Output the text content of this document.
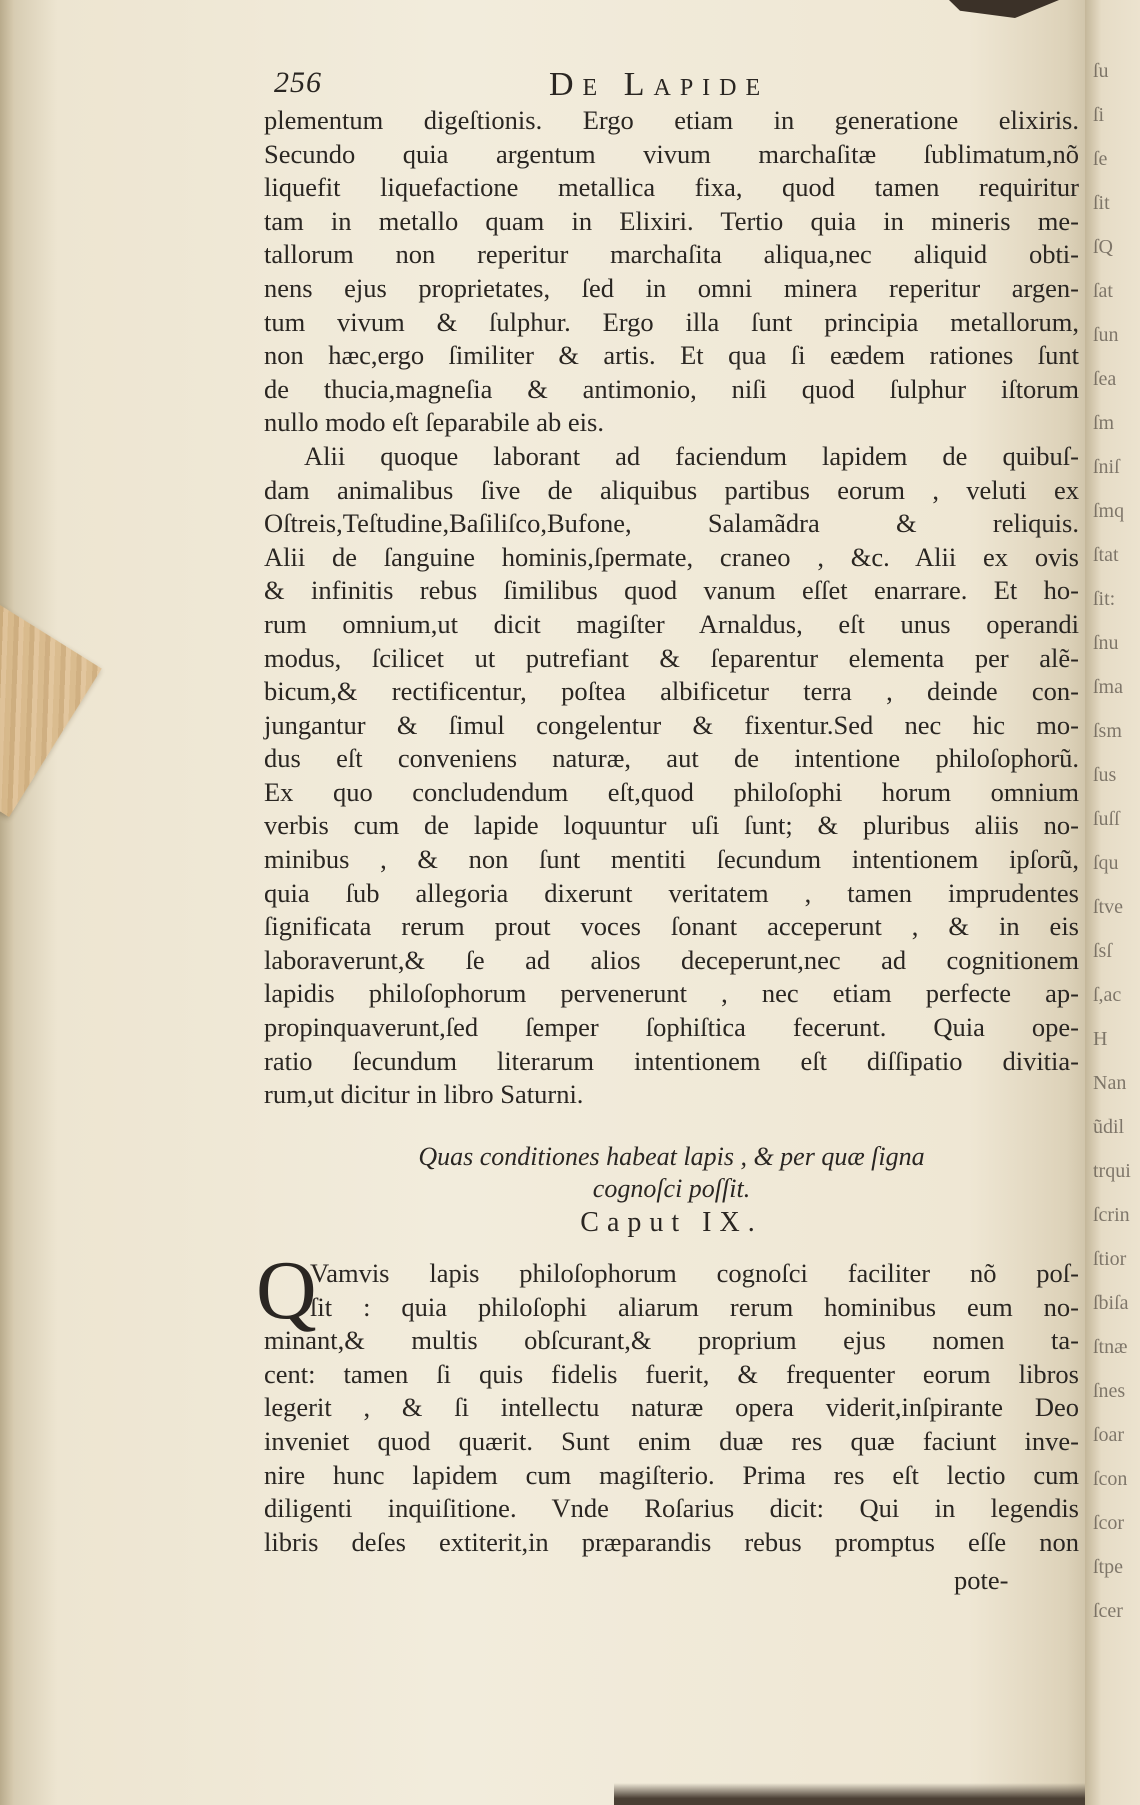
256	De Lapide
plementum digeſtionis. Ergo etiam in generatione elixiris.
Secundo quia argentum vivum marchaſitæ ſublimatum,nõ
liquefit liquefactione metallica fixa, quod tamen requiritur
tam in metallo quam in Elixiri. Tertio quia in mineris me-
tallorum non reperitur marchaſita aliqua,nec aliquid obti-
nens ejus proprietates, ſed in omni minera reperitur argen-
tum vivum & ſulphur. Ergo illa ſunt principia metallorum,
non hæc,ergo ſimiliter & artis. Et qua ſi eædem rationes ſunt
de thucia,magneſia & antimonio, niſi quod ſulphur iſtorum
nullo modo eſt ſeparabile ab eis.
Alii quoque laborant ad faciendum lapidem de quibuſ-
dam animalibus ſive de aliquibus partibus eorum , veluti ex
Oſtreis,Teſtudine,Baſiliſco,Bufone, Salamãdra & reliquis.
Alii de ſanguine hominis,ſpermate, craneo , &c. Alii ex ovis
& infinitis rebus ſimilibus quod vanum eſſet enarrare. Et ho-
rum omnium,ut dicit magiſter Arnaldus, eſt unus operandi
modus, ſcilicet ut putrefiant & ſeparentur elementa per alẽ-
bicum,& rectificentur, poſtea albificetur terra , deinde con-
jungantur & ſimul congelentur & fixentur.Sed nec hic mo-
dus eſt conveniens naturæ, aut de intentione philoſophorũ.
Ex quo concludendum eſt,quod philoſophi horum omnium
verbis cum de lapide loquuntur uſi ſunt; & pluribus aliis no-
minibus , & non ſunt mentiti ſecundum intentionem ipſorũ,
quia ſub allegoria dixerunt veritatem , tamen imprudentes
ſignificata rerum prout voces ſonant acceperunt , & in eis
laboraverunt,& ſe ad alios deceperunt,nec ad cognitionem
lapidis philoſophorum pervenerunt , nec etiam perfecte ap-
propinquaverunt,ſed ſemper ſophiſtica fecerunt. Quia ope-
ratio ſecundum literarum intentionem eſt diſſipatio divitia-
rum,ut dicitur in libro Saturni.
Quas conditiones habeat lapis , & per quæ ſigna
cognoſci poſſit.
Caput IX.
Q
Vamvis lapis philoſophorum cognoſci faciliter nõ poſ-
ſit : quia philoſophi aliarum rerum hominibus eum no-
minant,& multis obſcurant,& proprium ejus nomen ta-
cent: tamen ſi quis fidelis fuerit, & frequenter eorum libros
legerit , & ſi intellectu naturæ opera viderit,inſpirante Deo
inveniet quod quærit. Sunt enim duæ res quæ faciunt inve-
nire hunc lapidem cum magiſterio. Prima res eſt lectio cum
diligenti inquiſitione. Vnde Roſarius dicit: Qui in legendis
libris deſes extiterit,in præparandis rebus promptus eſſe non
pote-
ſu
ſi
ſe
ſit
ſQ
ſat
ſun
ſea
ſm
ſniſ
ſmq
ſtat
ſit:
ſnu
ſma
ſsm
ſus
ſuſſ
ſqu
ſtve
ſsſ
ſ,ac
H
Nan
ũdil
trqui
ſcrin
ſtior
ſbiſa
ſtnæ
ſnes
ſoar
ſcon
ſcor
ſtpe
ſcer
